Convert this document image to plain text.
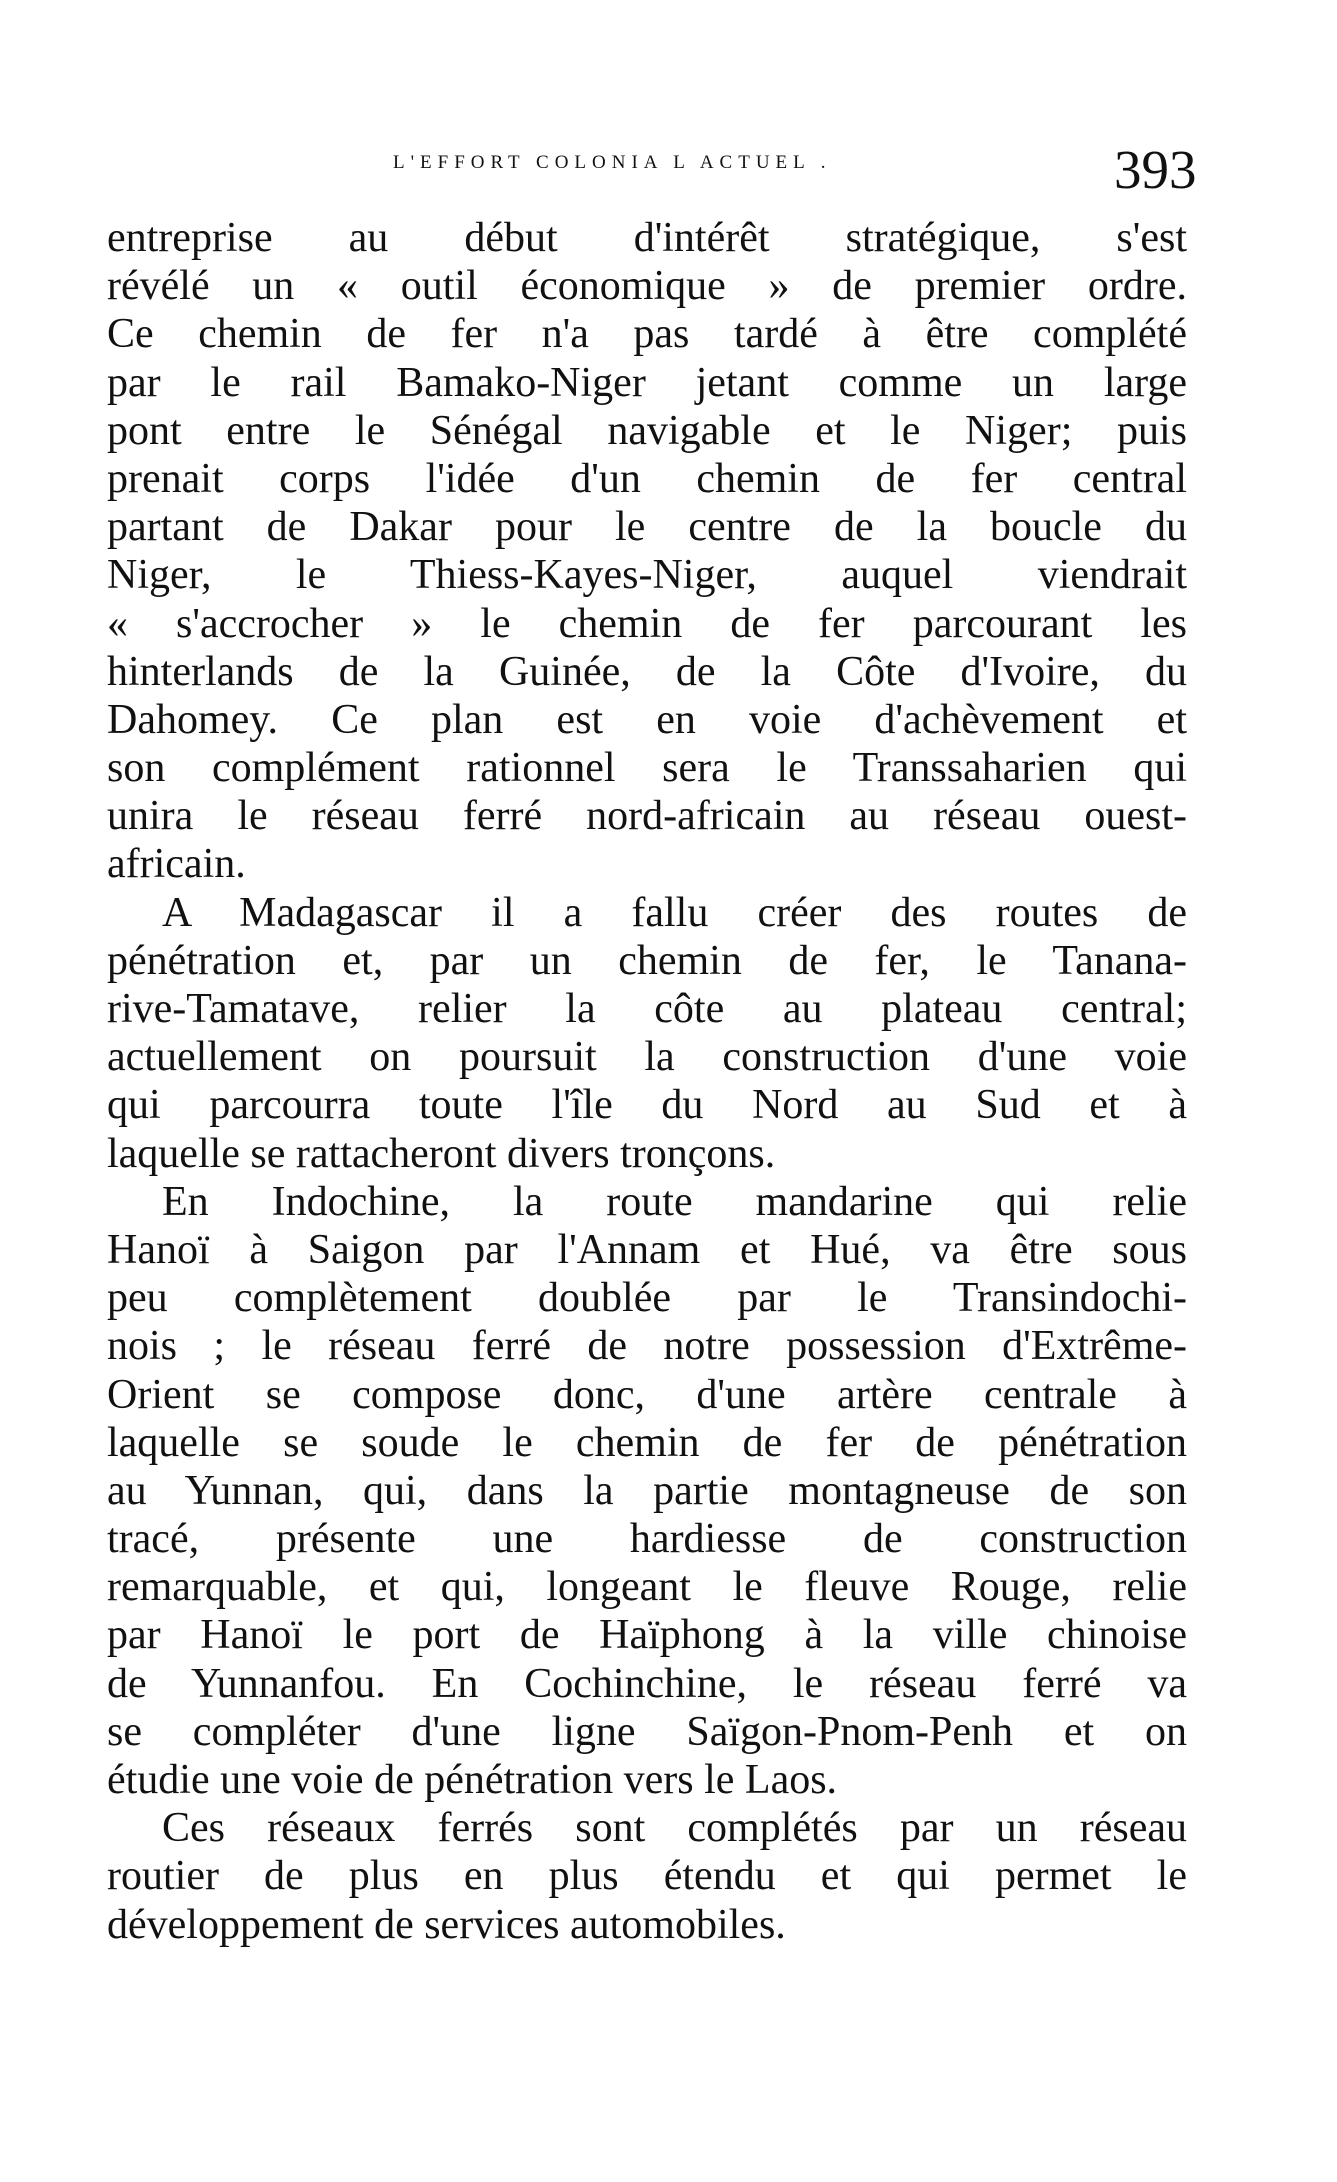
L'EFFORT COLONIA L ACTUEL .	393
entreprise au début d'intérêt stratégique, s'est
révélé un « outil économique » de premier ordre.
Ce chemin de fer n'a pas tardé à être complété
par le rail Bamako-Niger jetant comme un large
pont entre le Sénégal navigable et le Niger; puis
prenait corps l'idée d'un chemin de fer central
partant de Dakar pour le centre de la boucle du
Niger, le Thiess-Kayes-Niger, auquel viendrait
« s'accrocher » le chemin de fer parcourant les
hinterlands de la Guinée, de la Côte d'Ivoire, du
Dahomey. Ce plan est en voie d'achèvement et
son complément rationnel sera le Transsaharien qui
unira le réseau ferré nord-africain au réseau ouest-
africain.
A Madagascar il a fallu créer des routes de
pénétration et, par un chemin de fer, le Tanana-
rive-Tamatave, relier la côte au plateau central;
actuellement on poursuit la construction d'une voie
qui parcourra toute l'île du Nord au Sud et à
laquelle se rattacheront divers tronçons.
En Indochine, la route mandarine qui relie
Hanoï à Saigon par l'Annam et Hué, va être sous
peu complètement doublée par le Transindochi-
nois ; le réseau ferré de notre possession d'Extrême-
Orient se compose donc, d'une artère centrale à
laquelle se soude le chemin de fer de pénétration
au Yunnan, qui, dans la partie montagneuse de son
tracé, présente une hardiesse de construction
remarquable, et qui, longeant le fleuve Rouge, relie
par Hanoï le port de Haïphong à la ville chinoise
de Yunnanfou. En Cochinchine, le réseau ferré va
se compléter d'une ligne Saïgon-Pnom-Penh et on
étudie une voie de pénétration vers le Laos.
Ces réseaux ferrés sont complétés par un réseau
routier de plus en plus étendu et qui permet le
développement de services automobiles.
